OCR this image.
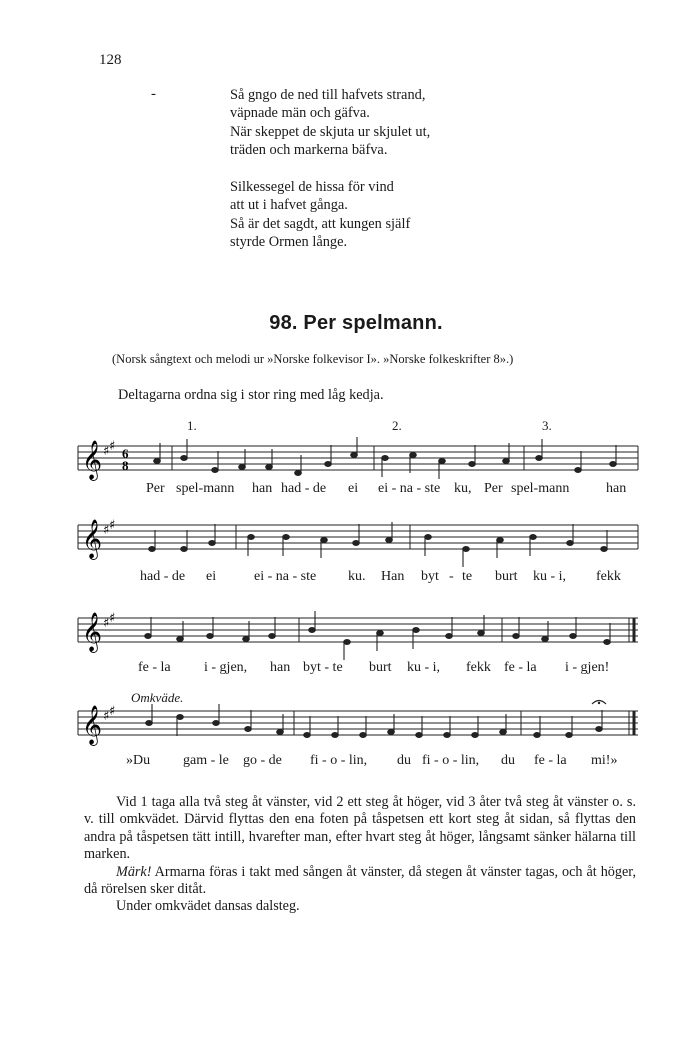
128
-	Så gngo de ned till hafvets strand,
väpnade män och gäfva.
När skeppet de skjuta ur skjulet ut,
träden och markerna bäfva.
Silkessegel de hissa för vind
att ut i hafvet gånga.
Så är det sagdt, att kungen själf
styrde Ormen långe.
98. Per spelmann.
(Norsk sångtext och melodi ur »Norske folkevisor I». »Norske folkeskrifter 8».)
Deltagarna ordna sig i stor ring med låg kedja.
1.	2.	3.
𝄞 ♯ ♯ 6
8
Per spel-mann han had - de ei ei - na - ste ku, Per spel-mann	han
𝄞 ♯ ♯
had - de ei	ei - na - ste ku. Han byt - te burt ku - i, fekk
𝄞 ♯ ♯
fe - la i - gjen, han byt - te burt ku - i, fekk fe - la i - gjen!
Omkväde.
𝄞 ♯ ♯
»Du gam - le go - de fi - o - lin, du fi - o - lin, du fe - la mi!»

Vid 1 taga alla två steg åt vänster, vid 2 ett steg åt höger, vid 3 åter två steg åt vänster o. s. v. till omkvädet. Därvid flyttas den ena foten på tåspetsen ett kort steg åt sidan, så flyttas den andra på tåspetsen tätt intill, hvarefter man, efter hvart steg åt höger, långsamt sänker hälarna till marken.

Märk! Armarna föras i takt med sången åt vänster, då stegen åt vänster tagas, och åt höger, då rörelsen sker ditåt.

Under omkvädet dansas dalsteg.
